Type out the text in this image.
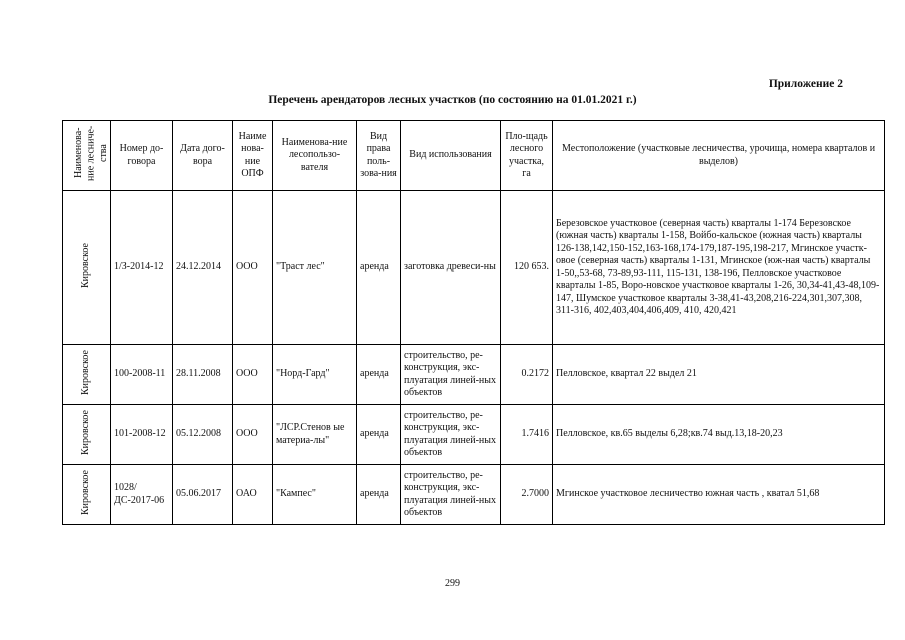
Приложение 2
Перечень арендаторов лесных участков (по состоянию на 01.01.2021 г.)
Наименова-ние лесниче-ства	Номер до-говора	Дата дого-вора	Наиме нова-ние ОПФ	Наименова-ние лесопользо-вателя	Вид права поль-зова-ния	Вид использования	Пло-щадь лесного участка, га	Местоположение (участковые лесничества, урочища, номера кварталов и выделов)
Кировское	1/З-2014-12	24.12.2014	ООО	"Траст лес"	аренда	заготовка древеси-ны	120 653.	Березовское участковое (северная часть) кварталы 1-174 Березовское (южная часть) кварталы 1-158, Войбо-кальское (южная часть) кварталы 126-138,142,150-152,163-168,174-179,187-195,198-217, Мгинское участк-овое (северная часть) кварталы 1-131, Мгинское (юж-ная часть) кварталы 1-50,,53-68, 73-89,93-111, 115-131, 138-196, Пелловское участковое кварталы 1-85, Воро-новское участковое кварталы 1-26, 30,34-41,43-48,109-147, Шумское участковое кварталы 3-38,41-43,208,216-224,301,307,308, 311-316, 402,403,404,406,409, 410, 420,421
Кировское	100-2008-11	28.11.2008	ООО	"Норд-Гард"	аренда	строительство, ре-конструкция, экс-плуатация линей-ных объектов	0.2172	Пелловское, квартал 22 выдел 21
Кировское	101-2008-12	05.12.2008	ООО	"ЛСР.Стенов ые материа-лы"	аренда	строительство, ре-конструкция, экс-плуатация линей-ных объектов	1.7416	Пелловское, кв.65 выделы 6,28;кв.74 выд.13,18-20,23
Кировское	1028/ДС-2017-06	05.06.2017	ОАО	"Кампес"	аренда	строительство, ре-конструкция, экс-плуатация линей-ных объектов	2.7000	Мгинское участковое лесничество южная часть , кватал 51,68
299
